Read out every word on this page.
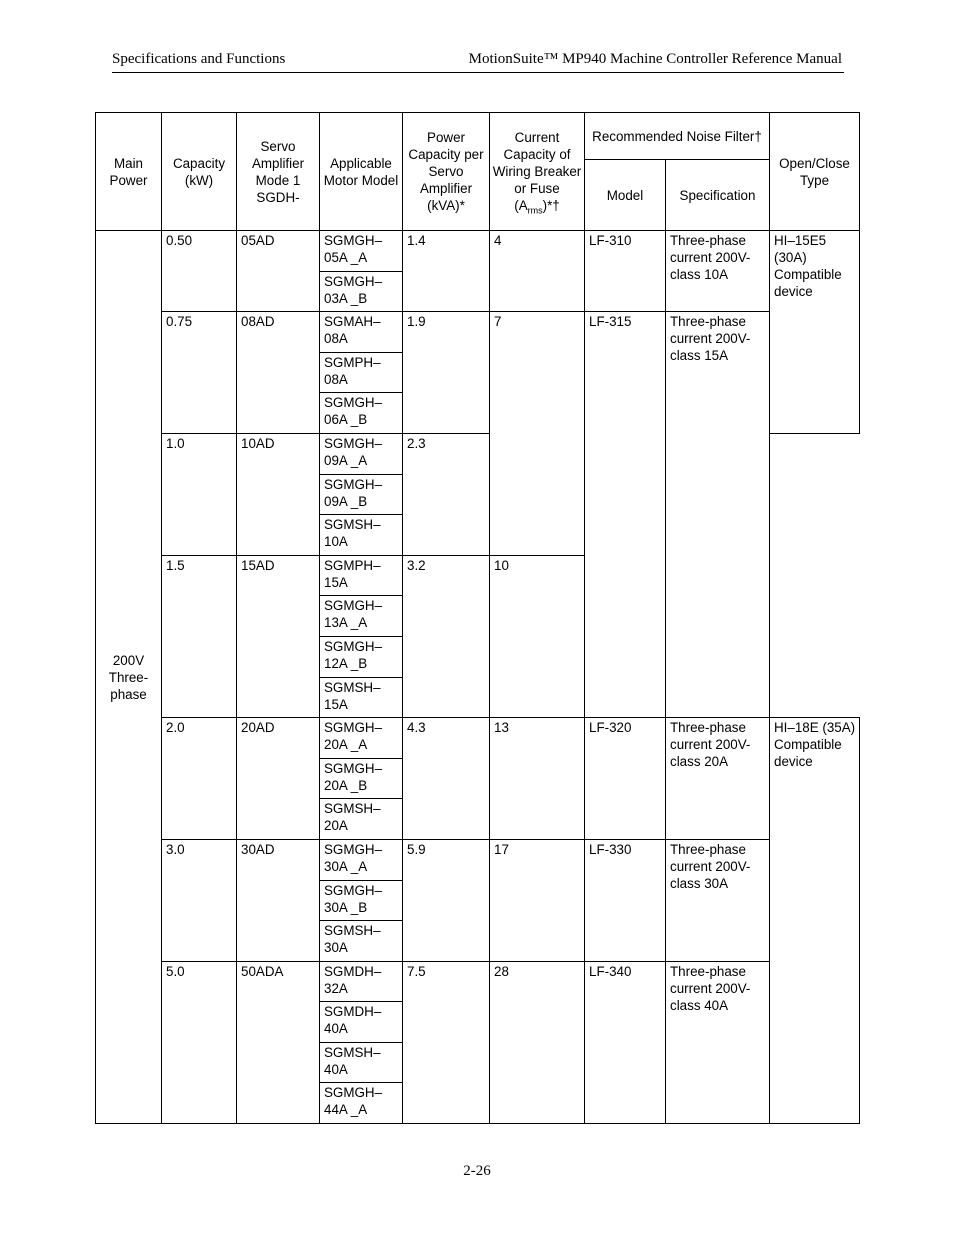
Specifications and Functions	MotionSuite™ MP940 Machine Controller Reference Manual
Main Power	Capacity (kW)	Servo Amplifier Mode 1 SGDH-	Applicable Motor Model	Power Capacity per Servo Amplifier (kVA)*	Current Capacity of Wiring Breaker or Fuse $(A_{rms})*\dagger$	Recommended Noise Filter†		Open/Close Type
						Model	Specification	
200V Three-phase	0.50	05AD	SGMGH–05A _A	1.4	4	LF-310	Three-phase current 200V-class 10A	HI–15E5 (30A) Compatible device
			SGMGH–03A _B					
	0.75	08AD	SGMAH–08A	1.9	7	LF-315	Three-phase current 200V-class 15A	
			SGMPH–08A					
			SGMGH–06A _B					
	1.0	10AD	SGMGH–09A _A	2.3				
			SGMGH–09A _B					
			SGMSH–10A					
	1.5	15AD	SGMPH–15A	3.2	10			
			SGMGH–13A _A					
			SGMGH–12A _B					
			SGMSH–15A					
	2.0	20AD	SGMGH–20A _A	4.3	13	LF-320	Three-phase current 200V-class 20A	HI–18E (35A) Compatible device
			SGMGH–20A _B					
			SGMSH–20A					
	3.0	30AD	SGMGH–30A _A	5.9	17	LF-330	Three-phase current 200V-class 30A	
			SGMGH–30A _B					
			SGMSH–30A					
	5.0	50ADA	SGMDH–32A	7.5	28	LF-340	Three-phase current 200V-class 40A	
			SGMDH–40A					
			SGMSH–40A					
			SGMGH–44A _A					
2-26
